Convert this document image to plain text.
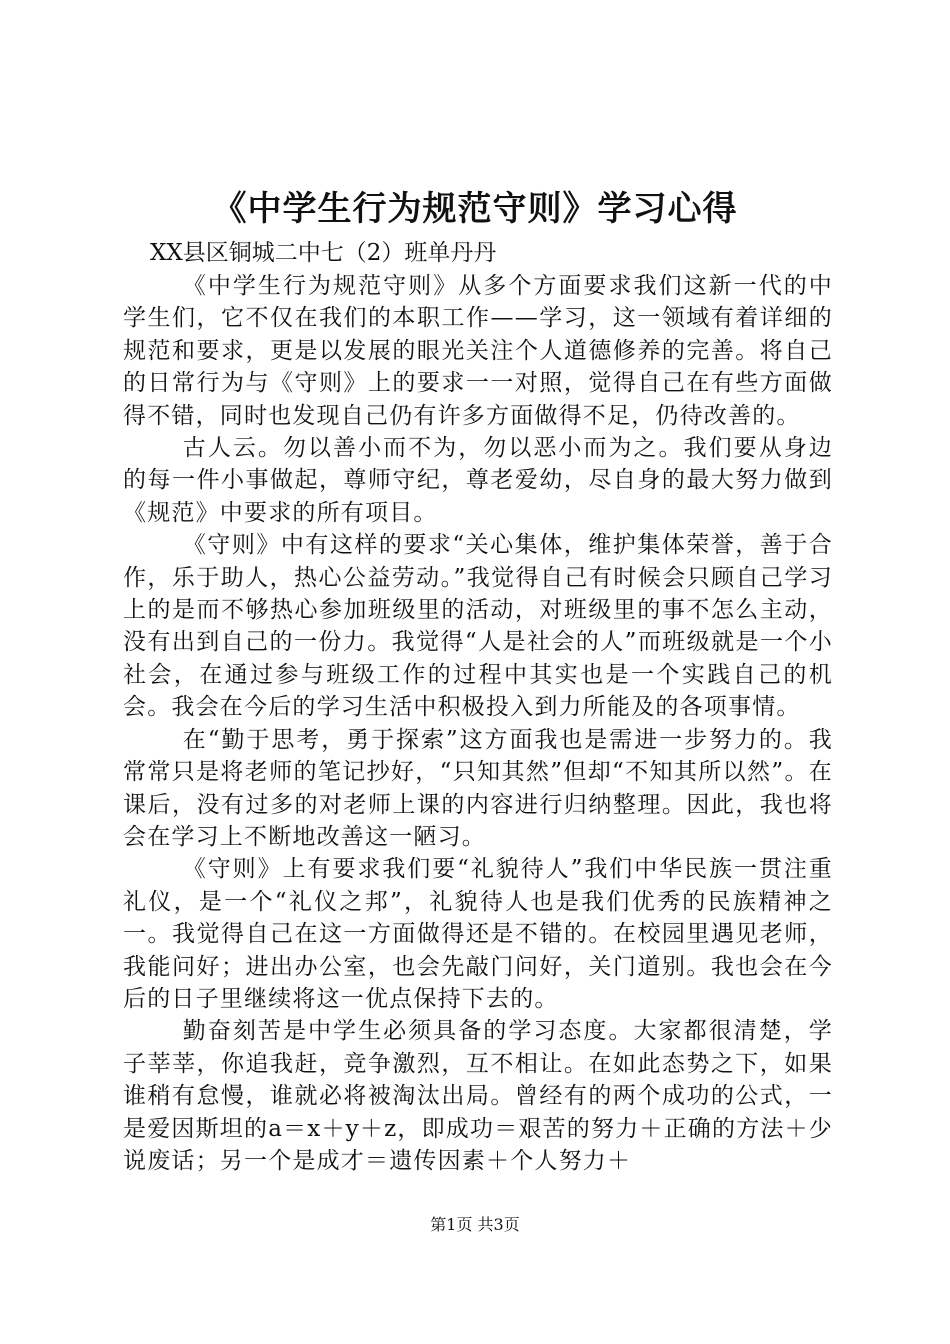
《中学生行为规范守则》学习心得

XX县区铜城二中七（2）班单丹丹

《中学生行为规范守则》从多个方面要求我们这新一代的中学生们，它不仅在我们的本职工作——学习，这一领域有着详细的规范和要求，更是以发展的眼光关注个人道德修养的完善。将自己的日常行为与《守则》上的要求一一对照，觉得自己在有些方面做得不错，同时也发现自己仍有许多方面做得不足，仍待改善的。

古人云。勿以善小而不为，勿以恶小而为之。我们要从身边的每一件小事做起，尊师守纪，尊老爱幼，尽自身的最大努力做到《规范》中要求的所有项目。

《守则》中有这样的要求“关心集体，维护集体荣誉，善于合作，乐于助人，热心公益劳动。”我觉得自己有时候会只顾自己学习上的是而不够热心参加班级里的活动，对班级里的事不怎么主动，没有出到自己的一份力。我觉得“人是社会的人”而班级就是一个小社会，在通过参与班级工作的过程中其实也是一个实践自己的机会。我会在今后的学习生活中积极投入到力所能及的各项事情。

在“勤于思考，勇于探索”这方面我也是需进一步努力的。我常常只是将老师的笔记抄好，“只知其然”但却“不知其所以然”。在课后，没有过多的对老师上课的内容进行归纳整理。因此，我也将会在学习上不断地改善这一陋习。

《守则》上有要求我们要“礼貌待人”我们中华民族一贯注重礼仪，是一个“礼仪之邦”，礼貌待人也是我们优秀的民族精神之一。我觉得自己在这一方面做得还是不错的。在校园里遇见老师，我能问好；进出办公室，也会先敲门问好，关门道别。我也会在今后的日子里继续将这一优点保持下去的。

勤奋刻苦是中学生必须具备的学习态度。大家都很清楚，学子莘莘，你追我赶，竞争激烈，互不相让。在如此态势之下，如果谁稍有怠慢，谁就必将被淘汰出局。曾经有的两个成功的公式，一是爱因斯坦的a＝x＋y＋z，即成功＝艰苦的努力＋正确的方法＋少说废话；另一个是成才＝遗传因素＋个人努力＋

第1页 共3页
